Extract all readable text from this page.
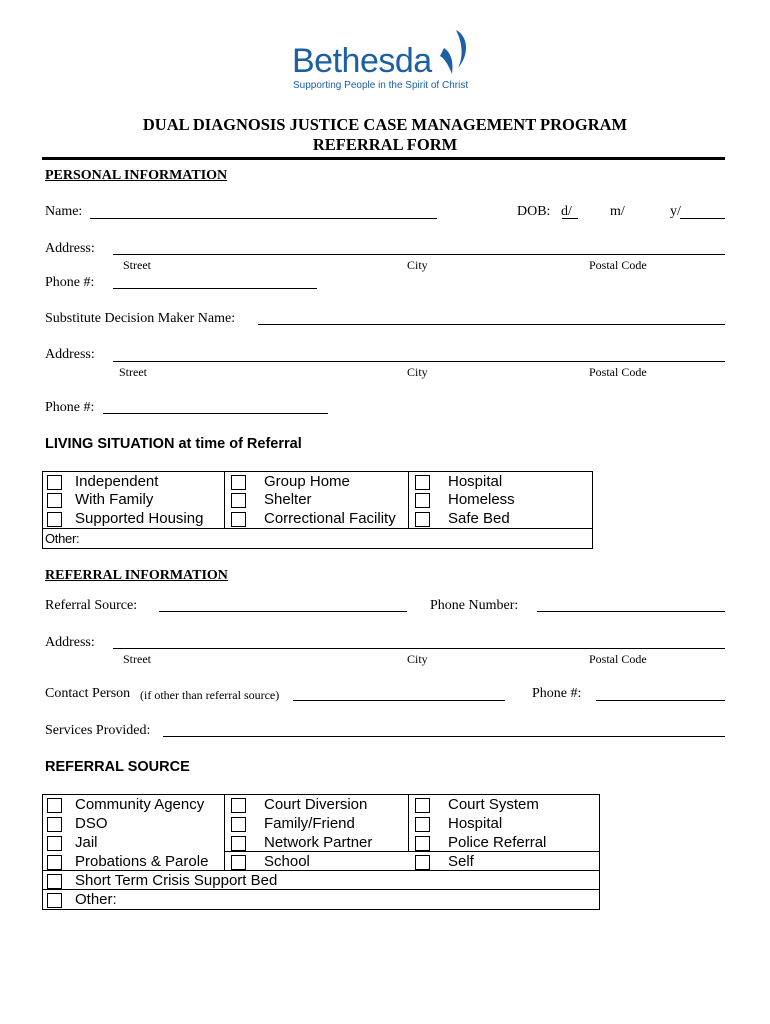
Bethesda
Supporting People in the Spirit of Christ
DUAL DIAGNOSIS JUSTICE CASE MANAGEMENT PROGRAM
REFERRAL FORM
PERSONAL INFORMATION
Name:	DOB: d/	m/	y/
Address:
Street	City	Postal Code
Phone #:
Substitute Decision Maker Name:
Address:
Street	City	Postal Code
Phone #:
LIVING SITUATION at time of Referral
Independent
With Family
Supported Housing
Group Home
Shelter
Correctional Facility
Hospital
Homeless
Safe Bed
Other:
REFERRAL INFORMATION
Referral Source:	Phone Number:
Address:
Street	City	Postal Code
Contact Person (if other than referral source)	Phone #:
Services Provided:
REFERRAL SOURCE
Community Agency
DSO
Jail
Probations & Parole
Court Diversion
Family/Friend
Network Partner
School
Court System
Hospital
Police Referral
Self
Short Term Crisis Support Bed
Other:
